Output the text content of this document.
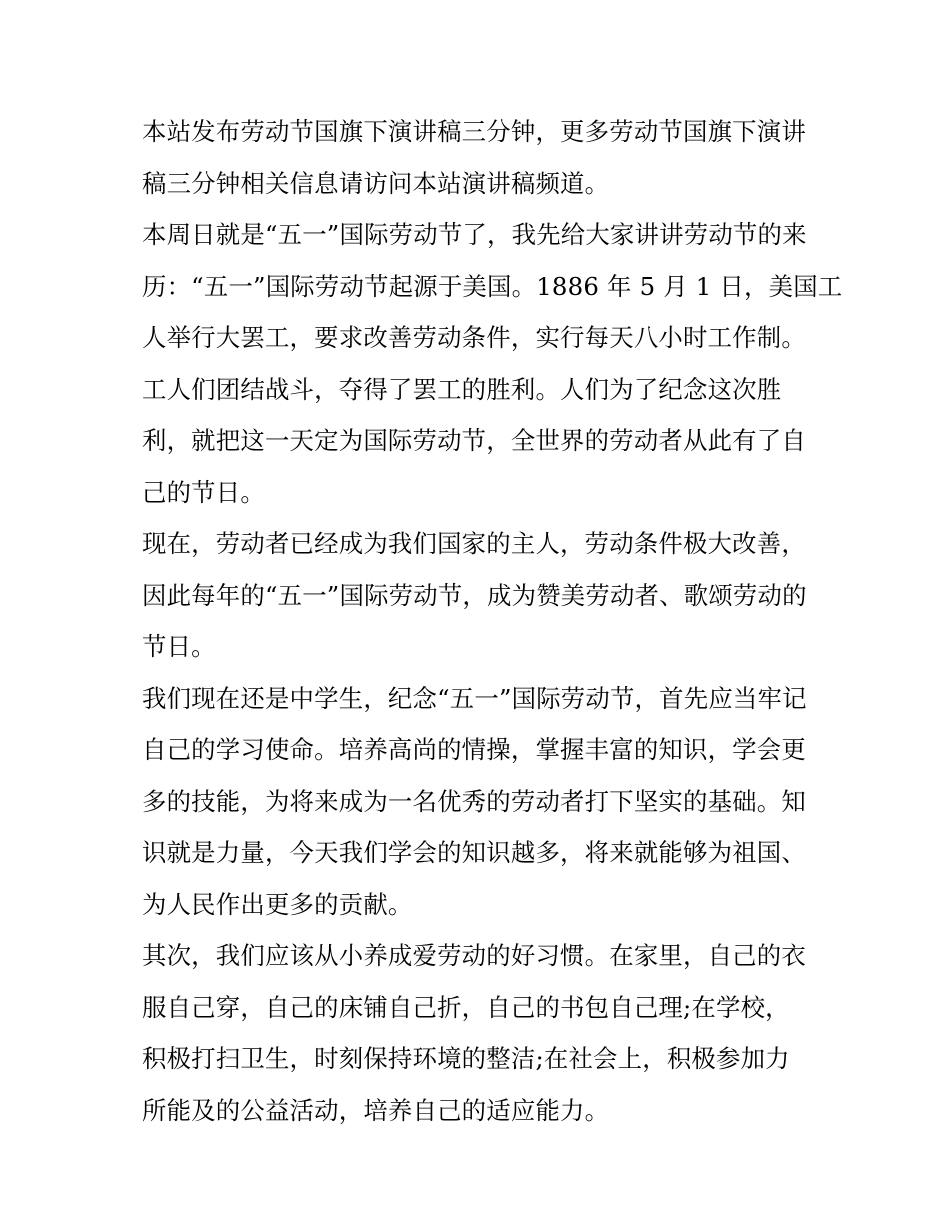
本站发布劳动节国旗下演讲稿三分钟，更多劳动节国旗下演讲
稿三分钟相关信息请访问本站演讲稿频道。

本周日就是“五一”国际劳动节了，我先给大家讲讲劳动节的来
历：“五一”国际劳动节起源于美国。1886 年 5 月 1 日，美国工
人举行大罢工，要求改善劳动条件，实行每天八小时工作制。
工人们团结战斗，夺得了罢工的胜利。人们为了纪念这次胜
利，就把这一天定为国际劳动节，全世界的劳动者从此有了自
己的节日。

现在，劳动者已经成为我们国家的主人，劳动条件极大改善，
因此每年的“五一”国际劳动节，成为赞美劳动者、歌颂劳动的
节日。

我们现在还是中学生，纪念“五一”国际劳动节，首先应当牢记
自己的学习使命。培养高尚的情操，掌握丰富的知识，学会更
多的技能，为将来成为一名优秀的劳动者打下坚实的基础。知
识就是力量，今天我们学会的知识越多，将来就能够为祖国、
为人民作出更多的贡献。

其次，我们应该从小养成爱劳动的好习惯。在家里，自己的衣
服自己穿，自己的床铺自己折，自己的书包自己理;在学校，
积极打扫卫生，时刻保持环境的整洁;在社会上，积极参加力
所能及的公益活动，培养自己的适应能力。
